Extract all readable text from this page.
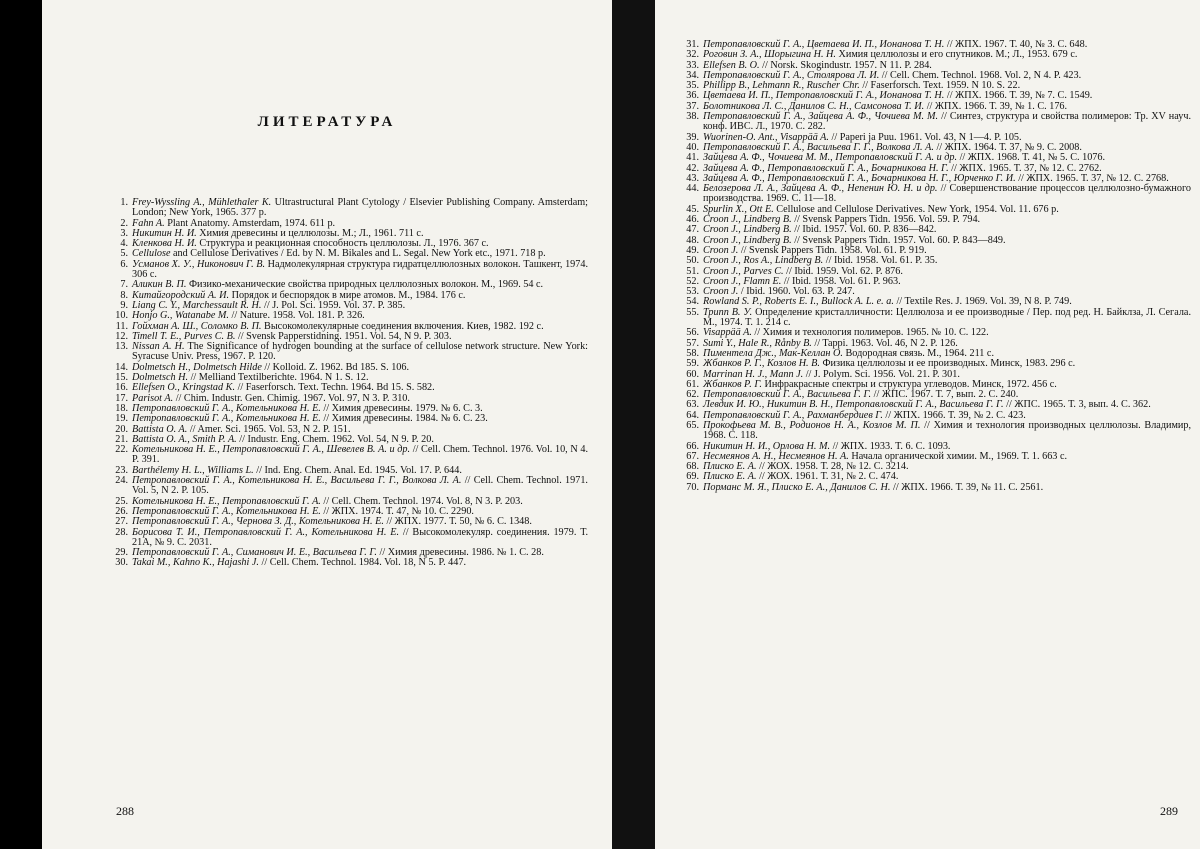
ЛИТЕРАТУРА
1. Frey-Wyssling A., Mühlethaler K. Ultrastructural Plant Cytology / Elsevier Publishing Company. Amsterdam; London; New York, 1965. 377 p.
2. Fahn A. Plant Anatomy. Amsterdam, 1974. 611 p.
3. Никитин Н. И. Химия древесины и целлюлозы. М.; Л., 1961. 711 с.
4. Кленкова Н. И. Структура и реакционная способность целлюлозы. Л., 1976. 367 с.
5. Cellulose and Cellulose Derivatives / Ed. by N. M. Bikales and L. Segal. New York etc., 1971. 718 p.
6. Усманов Х. У., Никонович Г. В. Надмолекулярная структура гидратцеллюлозных волокон. Ташкент, 1974. 306 с.
7. Аликин В. П. Физико-механические свойства природных целлюлозных волокон. М., 1969. 54 с.
8. Китайгородский А. И. Порядок и беспорядок в мире атомов. М., 1984. 176 с.
9. Liang C. Y., Marchessault R. H. // J. Pol. Sci. 1959. Vol. 37. P. 385.
10. Honjo G., Watanabe M. // Nature. 1958. Vol. 181. P. 326.
11. Гойхман А. Ш., Соломко В. П. Высокомолекулярные соединения включения. Киев, 1982. 192 с.
12. Timell T. E., Purves C. B. // Svensk Papperstidning. 1951. Vol. 54, N 9. P. 303.
13. Nissan A. H. The Significance of hydrogen bounding at the surface of cellulose network structure. New York: Syracuse Univ. Press, 1967. P. 120.
14. Dolmetsch H., Dolmetsch Hilde // Kolloid. Z. 1962. Bd 185. S. 106.
15. Dolmetsch H. // Melliand Textilberichte. 1964. N 1. S. 12.
16. Ellefsen O., Kringstad K. // Faserforsch. Text. Techn. 1964. Bd 15. S. 582.
17. Parisot A. // Chim. Industr. Gen. Chimig. 1967. Vol. 97, N 3. P. 310.
18. Петропавловский Г. А., Котельникова Н. Е. // Химия древесины. 1979. № 6. С. 3.
19. Петропавловский Г. А., Котельникова Н. Е. // Химия древесины. 1984. № 6. С. 23.
20. Battista O. A. // Amer. Sci. 1965. Vol. 53, N 2. P. 151.
21. Battista O. A., Smith P. A. // Industr. Eng. Chem. 1962. Vol. 54, N 9. P. 20.
22. Котельникова Н. Е., Петропавловский Г. А., Шевелев В. А. и др. // Cell. Chem. Technol. 1976. Vol. 10, N 4. P. 391.
23. Barthélemy H. L., Williams L. // Ind. Eng. Chem. Anal. Ed. 1945. Vol. 17. P. 644.
24. Петропавловский Г. А., Котельникова Н. Е., Васильева Г. Г., Волкова Л. А. // Cell. Chem. Technol. 1971. Vol. 5, N 2. P. 105.
25. Котельникова Н. Е., Петропавловский Г. А. // Cell. Chem. Technol. 1974. Vol. 8, N 3. P. 203.
26. Петропавловский Г. А., Котельникова Н. Е. // ЖПХ. 1974. Т. 47, № 10. С. 2290.
27. Петропавловский Г. А., Чернова З. Д., Котельникова Н. Е. // ЖПХ. 1977. Т. 50, № 6. С. 1348.
28. Борисова Т. И., Петропавловский Г. А., Котельникова Н. Е. // Высокомолекуляр. соединения. 1979. Т. 21А, № 9. С. 2031.
29. Петропавловский Г. А., Симанович И. Е., Васильева Г. Г. // Химия древесины. 1986. № 1. С. 28.
30. Takai M., Kahno K., Hajashi J. // Cell. Chem. Technol. 1984. Vol. 18, N 5. P. 447.
288
31. Петропавловский Г. А., Цветаева И. П., Ионанова Т. Н. // ЖПХ. 1967. Т. 40, № 3. С. 648.
32. Роговин З. А., Шорыгина Н. Н. Химия целлюлозы и его спутников. М.; Л., 1953. 679 с.
33. Ellefsen B. O. // Norsk. Skogindustr. 1957. N 11. P. 284.
34. Петропавловский Г. А., Столярова Л. И. // Cell. Chem. Technol. 1968. Vol. 2, N 4. P. 423.
35. Phillipp B., Lehmann R., Ruscher Chr. // Faserforsch. Text. 1959. N 10. S. 22.
36. Цветаева И. П., Петропавловский Г. А., Ионанова Т. Н. // ЖПХ. 1966. Т. 39, № 7. С. 1549.
37. Болотникова Л. С., Данилов С. Н., Самсонова Т. И. // ЖПХ. 1966. Т. 39, № 1. С. 176.
38. Петропавловский Г. А., Зайцева А. Ф., Чочиева М. М. // Синтез, структура и свойства полимеров: Тр. XV науч. конф. ИВС. Л., 1970. С. 282.
39. Wuorinen-O. Ant., Visappää A. // Paperi ja Puu. 1961. Vol. 43, N 1—4. P. 105.
40. Петропавловский Г. А., Васильева Г. Г., Волкова Л. А. // ЖПХ. 1964. Т. 37, № 9. С. 2008.
41. Зайцева А. Ф., Чочиева М. М., Петропавловский Г. А. и др. // ЖПХ. 1968. Т. 41, № 5. С. 1076.
42. Зайцева А. Ф., Петропавловский Г. А., Бочарникова Н. Г. // ЖПХ. 1965. Т. 37, № 12. С. 2762.
43. Зайцева А. Ф., Петропавловский Г. А., Бочарникова Н. Г., Юрченко Г. И. // ЖПХ. 1965. Т. 37, № 12. С. 2768.
44. Белозерова Л. А., Зайцева А. Ф., Непенин Ю. Н. и др. // Совершенствование процессов целлюлозно-бумажного производства. 1969. С. 11—18.
45. Spurlin X., Ott E. Cellulose and Cellulose Derivatives. New York, 1954. Vol. 11. 676 p.
46. Croon J., Lindberg B. // Svensk Pappers Tidn. 1956. Vol. 59. P. 794.
47. Croon J., Lindberg B. // Ibid. 1957. Vol. 60. P. 836—842.
48. Croon J., Lindberg B. // Svensk Pappers Tidn. 1957. Vol. 60. P. 843—849.
49. Croon J. // Svensk Pappers Tidn. 1958. Vol. 61. P. 919.
50. Croon J., Ros A., Lindberg B. // Ibid. 1958. Vol. 61. P. 35.
51. Croon J., Parves C. // Ibid. 1959. Vol. 62. P. 876.
52. Croon J., Flamn E. // Ibid. 1958. Vol. 61. P. 963.
53. Croon J. / Ibid. 1960. Vol. 63. P. 247.
54. Rowland S. P., Roberts E. I., Bullock A. L. e. a. // Textile Res. J. 1969. Vol. 39, N 8. P. 749.
55. Трипп В. У. Определение кристалличности: Целлюлоза и ее производные / Пер. под ред. Н. Байклза, Л. Сегала. М., 1974. Т. 1. 214 с.
56. Visappää A. // Химия и технология полимеров. 1965. № 10. С. 122.
57. Sumi Y., Hale R., Rånby B. // Tappi. 1963. Vol. 46, N 2. P. 126.
58. Пиментела Дж., Мак-Келлан О. Водородная связь. М., 1964. 211 с.
59. Жбанков Р. Г., Козлов Н. В. Физика целлюлозы и ее производных. Минск, 1983. 296 с.
60. Marrinan H. J., Mann J. // J. Polym. Sci. 1956. Vol. 21. P. 301.
61. Жбанков Р. Г. Инфракрасные спектры и структура углеводов. Минск, 1972. 456 с.
62. Петропавловский Г. А., Васильева Г. Г. // ЖПС. 1967. Т. 7, вып. 2. С. 240.
63. Левдик И. Ю., Никитин В. Н., Петропавловский Г. А., Васильева Г. Г. // ЖПС. 1965. Т. 3, вып. 4. С. 362.
64. Петропавловский Г. А., Рахманбердиев Г. // ЖПХ. 1966. Т. 39, № 2. С. 423.
65. Прокофьева М. В., Родионов Н. А., Козлов М. П. // Химия и технология производных целлюлозы. Владимир, 1968. С. 118.
66. Никитин Н. И., Орлова Н. М. // ЖПХ. 1933. Т. 6. С. 1093.
67. Несмеянов А. Н., Несмеянов Н. А. Начала органической химии. М., 1969. Т. 1. 663 с.
68. Плиско Е. А. // ЖОХ. 1958. Т. 28, № 12. С. 3214.
69. Плиско Е. А. // ЖОХ. 1961. Т. 31, № 2. С. 474.
70. Порманс М. Я., Плиско Е. А., Данилов С. Н. // ЖПХ. 1966. Т. 39, № 11. С. 2561.
289
